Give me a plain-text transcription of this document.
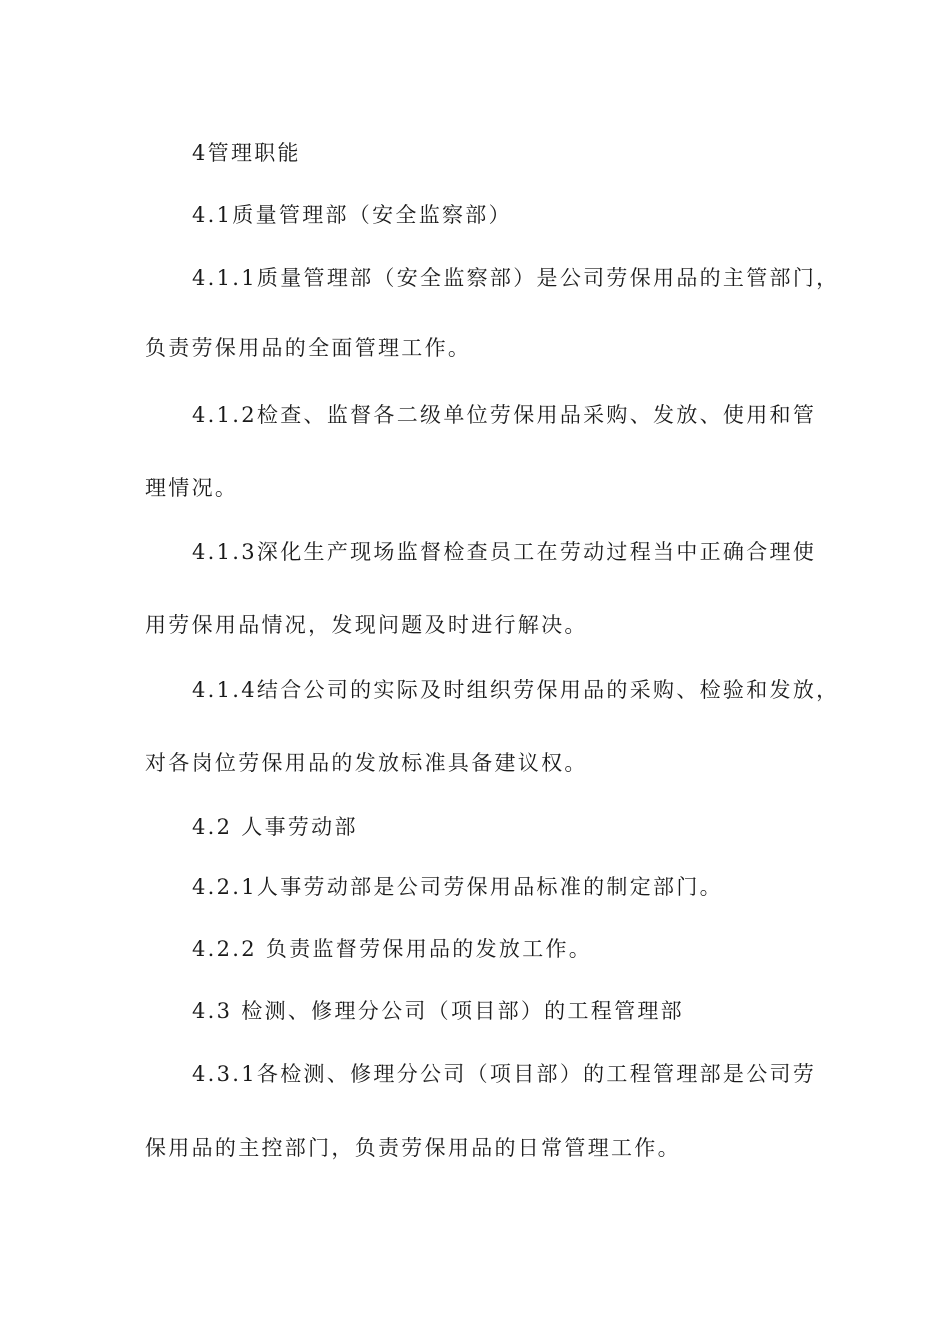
4管理职能
4.1质量管理部（安全监察部）
4.1.1质量管理部（安全监察部）是公司劳保用品的主管部门，
负责劳保用品的全面管理工作。
4.1.2检查、监督各二级单位劳保用品采购、发放、使用和管
理情况。
4.1.3深化生产现场监督检查员工在劳动过程当中正确合理使
用劳保用品情况，发现问题及时进行解决。
4.1.4结合公司的实际及时组织劳保用品的采购、检验和发放，
对各岗位劳保用品的发放标准具备建议权。
4.2 人事劳动部
4.2.1人事劳动部是公司劳保用品标准的制定部门。
4.2.2 负责监督劳保用品的发放工作。
4.3 检测、修理分公司（项目部）的工程管理部
4.3.1各检测、修理分公司（项目部）的工程管理部是公司劳
保用品的主控部门，负责劳保用品的日常管理工作。
